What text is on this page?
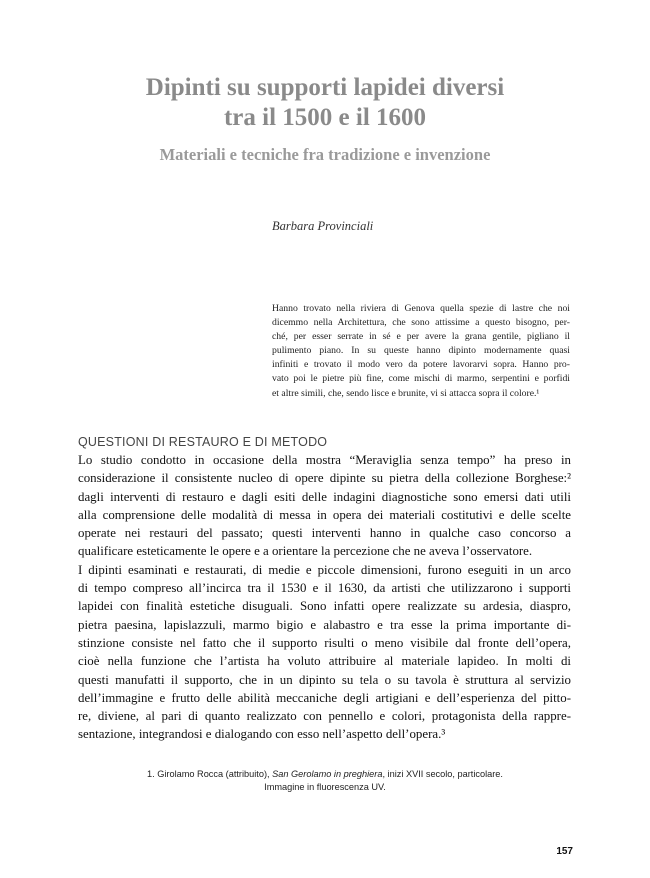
Dipinti su supporti lapidei diversi
tra il 1500 e il 1600
Materiali e tecniche fra tradizione e invenzione
Barbara Provinciali

Hanno trovato nella riviera di Genova quella spezie di lastre che noi
dicemmo nella Architettura, che sono attissime a questo bisogno, per-
ché, per esser serrate in sé e per avere la grana gentile, pigliano il
pulimento piano. In su queste hanno dipinto modernamente quasi
infiniti e trovato il modo vero da potere lavorarvi sopra. Hanno pro-
vato poi le pietre più fine, come mischi di marmo, serpentini e porfidi
et altre simili, che, sendo lisce e brunite, vi si attacca sopra il colore.¹

QUESTIONI DI RESTAURO E DI METODO

Lo studio condotto in occasione della mostra “Meraviglia senza tempo” ha preso in
considerazione il consistente nucleo di opere dipinte su pietra della collezione Borghese:²
dagli interventi di restauro e dagli esiti delle indagini diagnostiche sono emersi dati utili
alla comprensione delle modalità di messa in opera dei materiali costitutivi e delle scelte
operate nei restauri del passato; questi interventi hanno in qualche caso concorso a
qualificare esteticamente le opere e a orientare la percezione che ne aveva l’osservatore.
I dipinti esaminati e restaurati, di medie e piccole dimensioni, furono eseguiti in un arco
di tempo compreso all’incirca tra il 1530 e il 1630, da artisti che utilizzarono i supporti
lapidei con finalità estetiche disuguali. Sono infatti opere realizzate su ardesia, diaspro,
pietra paesina, lapislazzuli, marmo bigio e alabastro e tra esse la prima importante di-
stinzione consiste nel fatto che il supporto risulti o meno visibile dal fronte dell’opera,
cioè nella funzione che l’artista ha voluto attribuire al materiale lapideo. In molti di
questi manufatti il supporto, che in un dipinto su tela o su tavola è struttura al servizio
dell’immagine e frutto delle abilità meccaniche degli artigiani e dell’esperienza del pitto-
re, diviene, al pari di quanto realizzato con pennello e colori, protagonista della rappre-
sentazione, integrandosi e dialogando con esso nell’aspetto dell’opera.³

1. Girolamo Rocca (attribuito), San Gerolamo in preghiera, inizi XVII secolo, particolare.
Immagine in fluorescenza UV.

157
